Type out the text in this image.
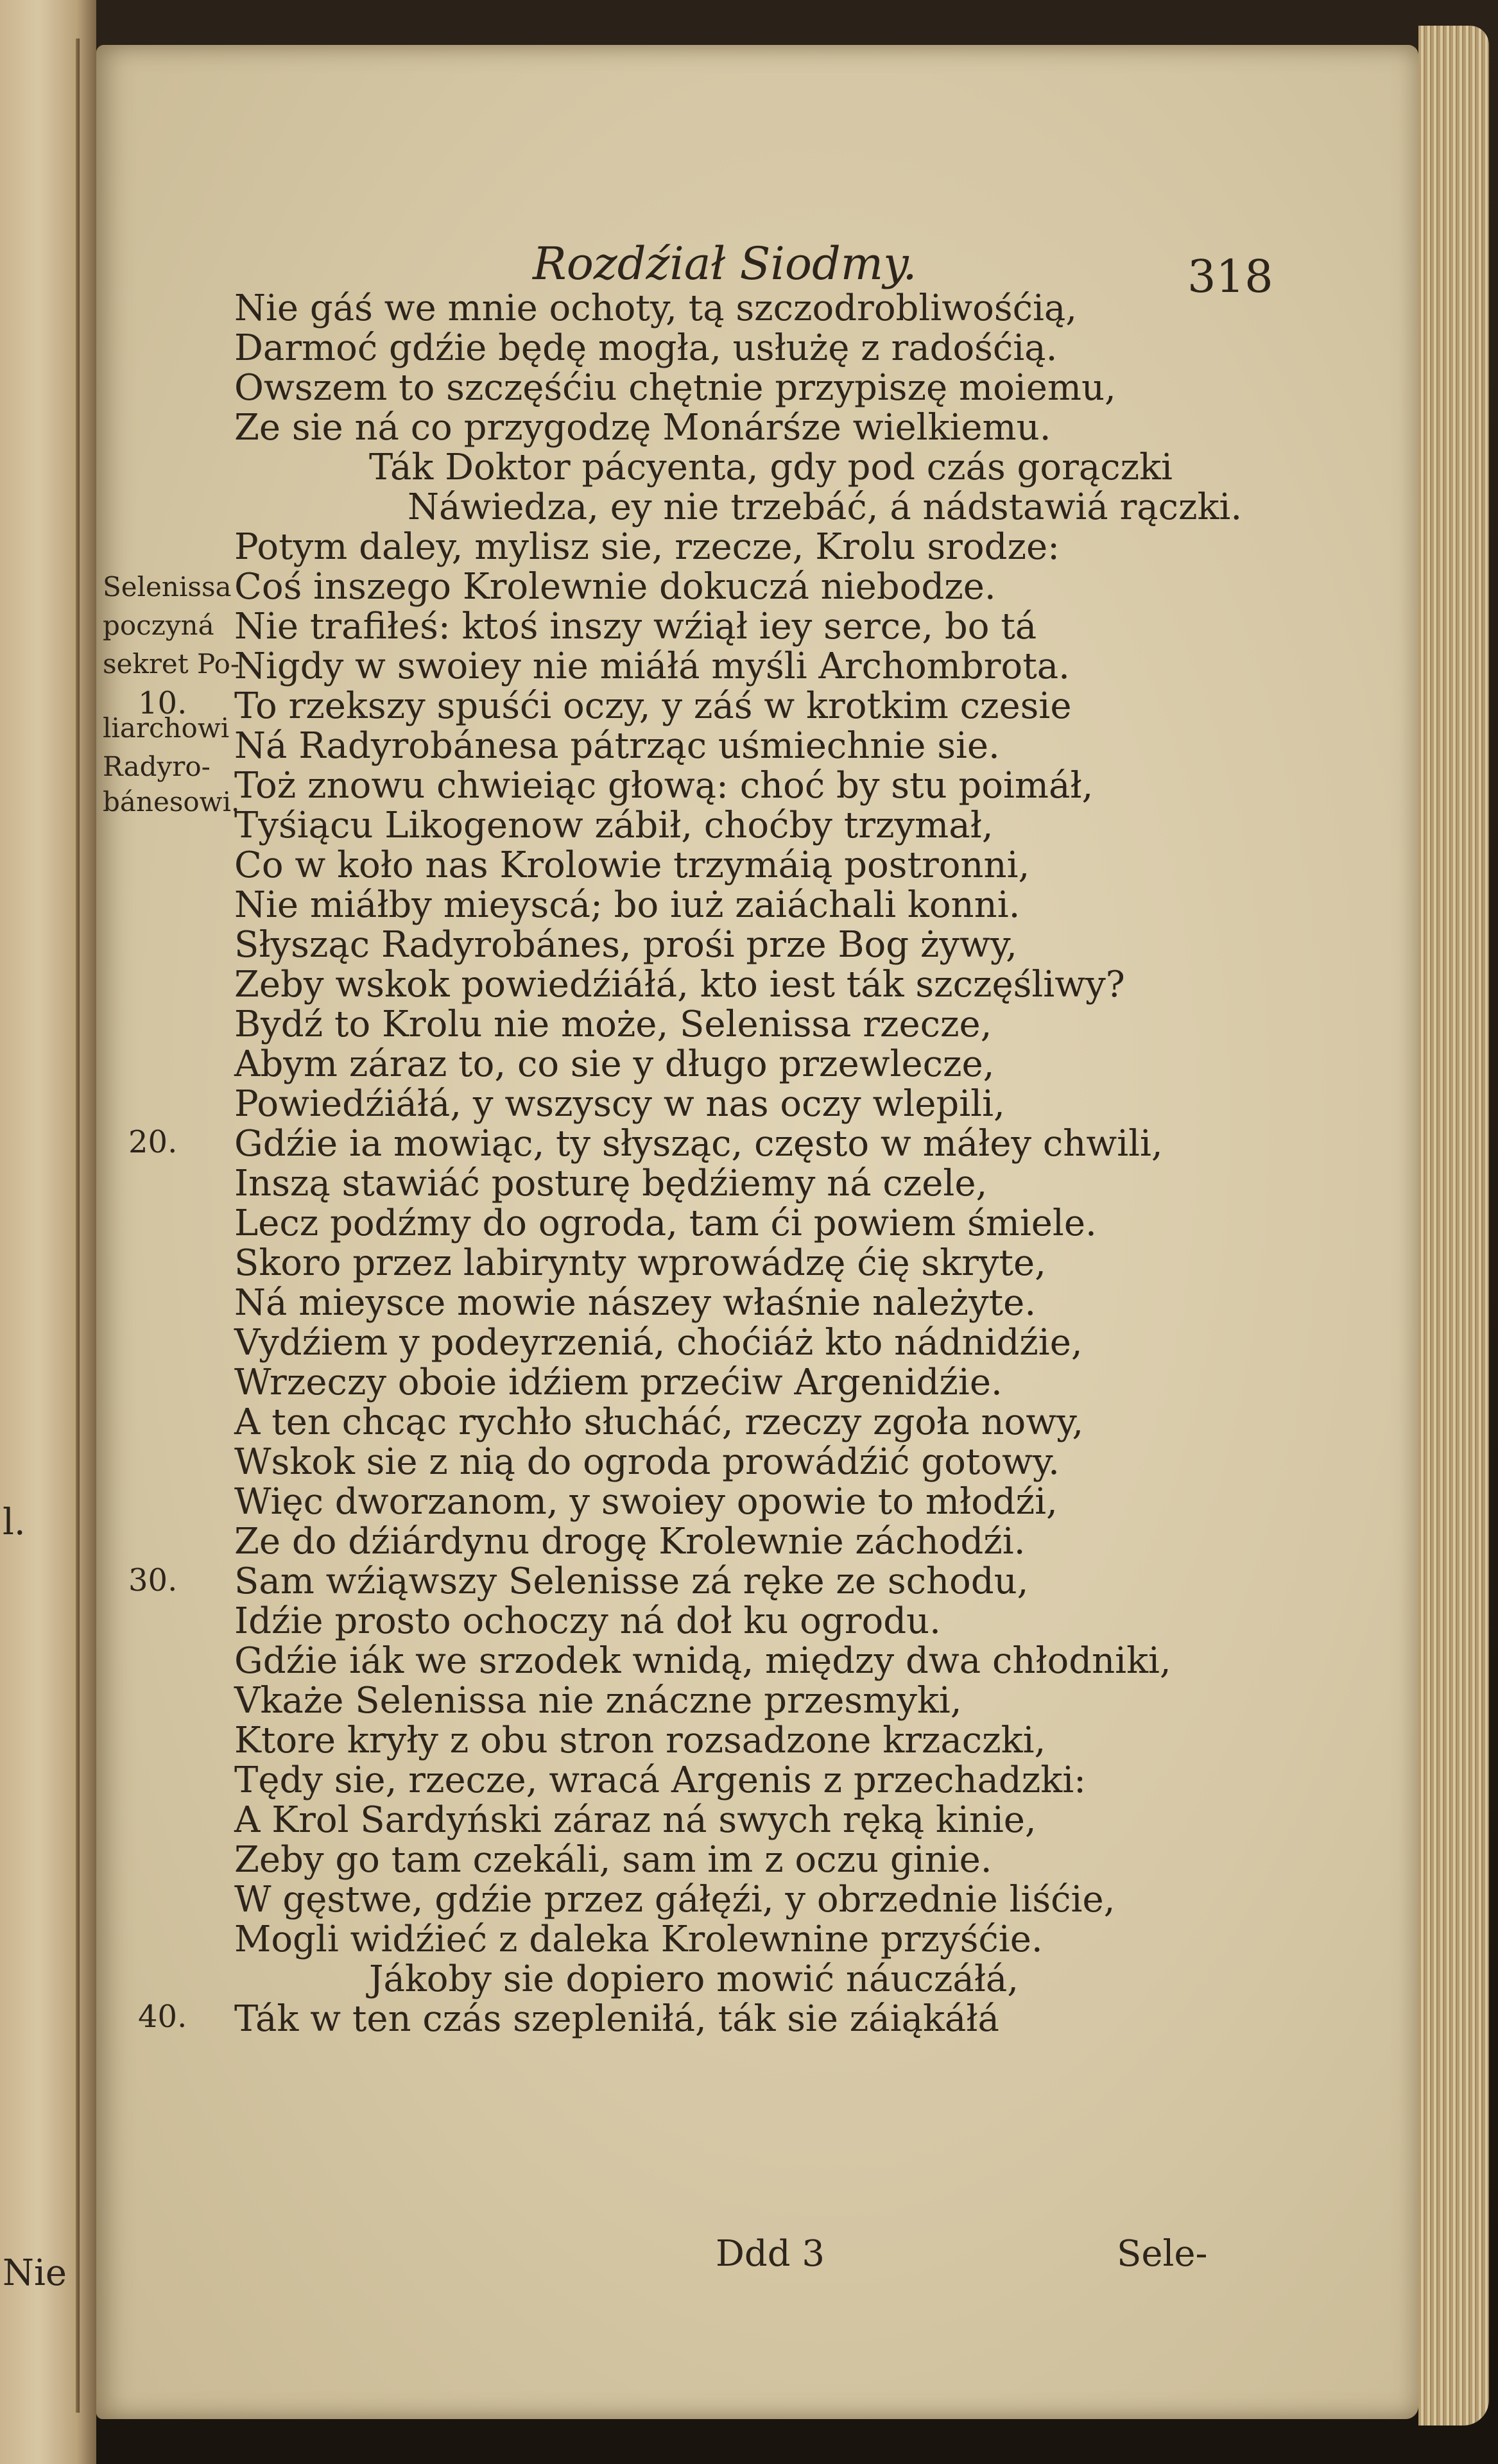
l.
Nie
Rozdźiał Siodmy.	318
Selenissa
poczyná
sekret Po-
liarchowi
Radyro-
bánesowi.
10.
20.
30.
40.
Nie gáś we mnie ochoty, tą szczodrobliwośćią,
Darmoć gdźie będę mogła, usłużę z radośćią.
Owszem to szczęśćiu chętnie przypiszę moiemu,
Ze sie ná co przygodzę Monárśze wielkiemu.
Ták Doktor pácyenta, gdy pod czás gorączki
Náwiedza, ey nie trzebáć, á nádstawiá rączki.
Potym daley, mylisz sie, rzecze, Krolu srodze:
Coś inszego Krolewnie dokuczá niebodze.
Nie trafiłeś: ktoś inszy wźiął iey serce, bo tá
Nigdy w swoiey nie miáłá myśli Archombrota.
To rzekszy spuśći oczy, y záś w krotkim czesie
Ná Radyrobánesa pátrząc uśmiechnie sie.
Toż znowu chwieiąc głową: choć by stu poimáł,
Tyśiącu Likogenow zábił, choćby trzymał,
Co w koło nas Krolowie trzymáią postronni,
Nie miáłby mieyscá; bo iuż zaiáchali konni.
Słysząc Radyrobánes, prośi prze Bog żywy,
Zeby wskok powiedźiáłá, kto iest ták szczęśliwy?
Bydź to Krolu nie może, Selenissa rzecze,
Abym záraz to, co sie y długo przewlecze,
Powiedźiáłá, y wszyscy w nas oczy wlepili,
Gdźie ia mowiąc, ty słysząc, często w máłey chwili,
Inszą stawiáć posturę będźiemy ná czele,
Lecz podźmy do ogroda, tam ći powiem śmiele.
Skoro przez labirynty wprowádzę ćię skryte,
Ná mieysce mowie nászey właśnie należyte.
Vydźiem y podeyrzeniá, choćiáż kto nádnidźie,
Wrzeczy oboie idźiem przećiw Argenidźie.
A ten chcąc rychło słucháć, rzeczy zgoła nowy,
Wskok sie z nią do ogroda prowádźić gotowy.
Więc dworzanom, y swoiey opowie to młodźi,
Ze do dźiárdynu drogę Krolewnie záchodźi.
Sam wźiąwszy Selenisse zá ręke ze schodu,
Idźie prosto ochoczy ná doł ku ogrodu.
Gdźie iák we srzodek wnidą, między dwa chłodniki,
Vkaże Selenissa nie znáczne przesmyki,
Ktore kryły z obu stron rozsadzone krzaczki,
Tędy sie, rzecze, wracá Argenis z przechadzki:
A Krol Sardyński záraz ná swych ręką kinie,
Zeby go tam czekáli, sam im z oczu ginie.
W gęstwe, gdźie przez gáłęźi, y obrzednie liśćie,
Mogli widźieć z daleka Krolewnine przyśćie.
Jákoby sie dopiero mowić náuczáłá,
Ták w ten czás szepleniłá, ták sie záiąkáłá
Ddd 3	Sele-
